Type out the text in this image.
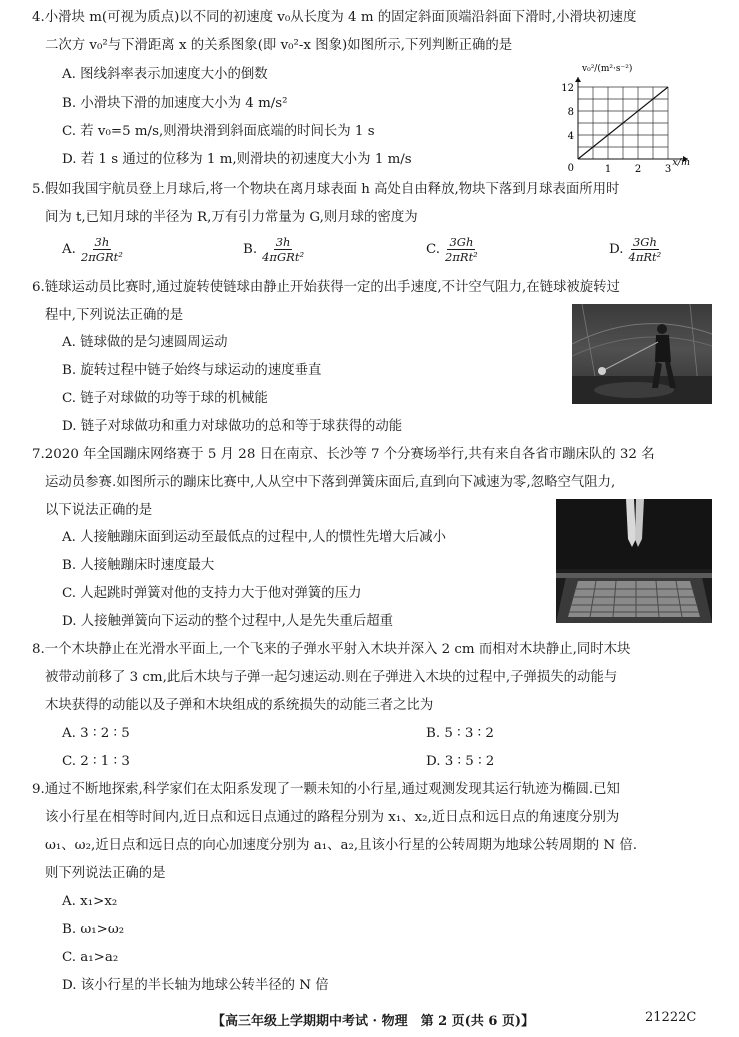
4.小滑块 m(可视为质点)以不同的初速度 v₀从长度为 4 m 的固定斜面顶端沿斜面下滑时,小滑块初速度
二次方 v₀²与下滑距离 x 的关系图象(即 v₀²-x 图象)如图所示,下列判断正确的是
A. 图线斜率表示加速度大小的倒数
B. 小滑块下滑的加速度大小为 4 m/s²
C. 若 v₀=5 m/s,则滑块滑到斜面底端的时间长为 1 s
D. 若 1 s 通过的位移为 1 m,则滑块的初速度大小为 1 m/s
1 2 3
4
8
12
0
v₀²/(m²·s⁻²)
x/m
5.假如我国宇航员登上月球后,将一个物块在离月球表面 h 高处自由释放,物块下落到月球表面所用时
间为 t,已知月球的半径为 R,万有引力常量为 G,则月球的密度为
A. $\frac{3h}{\text{2πGRt²}}$	B. $\frac{3h}{\text{4πGRt²}}$	C. $\frac{3Gh}{\text{2πRt²}}$	D. $\frac{3Gh}{\text{4πRt²}}$
6.链球运动员比赛时,通过旋转使链球由静止开始获得一定的出手速度,不计空气阻力,在链球被旋转过
程中,下列说法正确的是
A. 链球做的是匀速圆周运动
B. 旋转过程中链子始终与球运动的速度垂直
C. 链子对球做的功等于球的机械能
D. 链子对球做功和重力对球做功的总和等于球获得的动能
7.2020 年全国蹦床网络赛于 5 月 28 日在南京、长沙等 7 个分赛场举行,共有来自各省市蹦床队的 32 名
运动员参赛.如图所示的蹦床比赛中,人从空中下落到弹簧床面后,直到向下减速为零,忽略空气阻力,
以下说法正确的是
A. 人接触蹦床面到运动至最低点的过程中,人的惯性先增大后减小
B. 人接触蹦床时速度最大
C. 人起跳时弹簧对他的支持力大于他对弹簧的压力
D. 人接触弹簧向下运动的整个过程中,人是先失重后超重
8.一个木块静止在光滑水平面上,一个飞来的子弹水平射入木块并深入 2 cm 而相对木块静止,同时木块
被带动前移了 3 cm,此后木块与子弹一起匀速运动.则在子弹进入木块的过程中,子弹损失的动能与
木块获得的动能以及子弹和木块组成的系统损失的动能三者之比为
A. 3 ∶ 2 ∶ 5	B. 5 ∶ 3 ∶ 2
C. 2 ∶ 1 ∶ 3	D. 3 ∶ 5 ∶ 2
9.通过不断地探索,科学家们在太阳系发现了一颗未知的小行星,通过观测发现其运行轨迹为椭圆.已知
该小行星在相等时间内,近日点和远日点通过的路程分别为 x₁、x₂,近日点和远日点的角速度分别为
ω₁、ω₂,近日点和远日点的向心加速度分别为 a₁、a₂,且该小行星的公转周期为地球公转周期的 N 倍.
则下列说法正确的是
A. x₁>x₂
B. ω₁>ω₂
C. a₁>a₂
D. 该小行星的半长轴为地球公转半径的 N 倍
【高三年级上学期期中考试 · 物理　第 2 页(共 6 页)】	21222C
